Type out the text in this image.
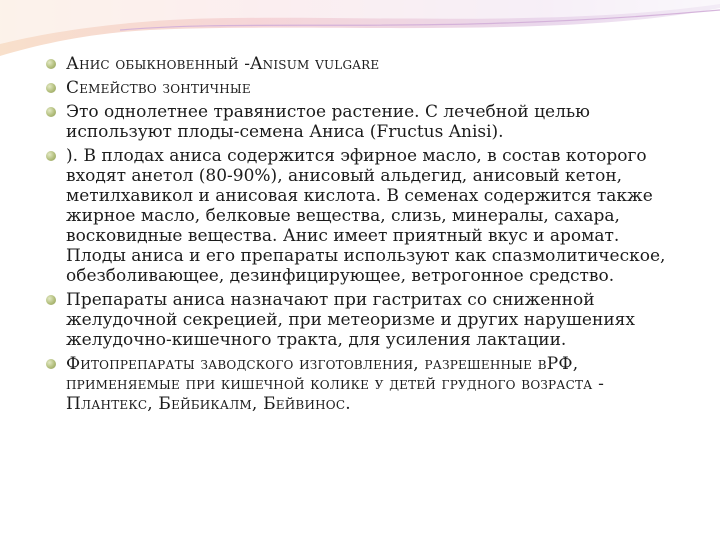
Анис обыкновенный -Anisum vulgare
Семейство зонтичные
Это однолетнее травянистое растение. С лечебной целью используют плоды-семена Аниса (Fructus Anisi).
). В плодах аниса содержится эфирное масло, в состав которого входят анетол (80-90%), анисовый альдегид, анисовый кетон, метилхавикол и анисовая кислота. В семенах содержится также жирное масло, белковые вещества, слизь, минералы, сахара, восковидные вещества. Анис имеет приятный вкус и аромат. Плоды аниса и его препараты используют как спазмолитическое, обезболивающее, дезинфицирующее, ветрогонное средство.
Препараты аниса назначают при гастритах со сниженной желудочной секрецией, при метеоризме и других нарушениях желудочно-кишечного тракта, для усиления лактации.
Фитопрепараты заводского изготовления, разрешенные вРФ, применяемые при кишечной колике у детей грудного возраста - Плантекс, Бейбикалм, Бейвинос.
